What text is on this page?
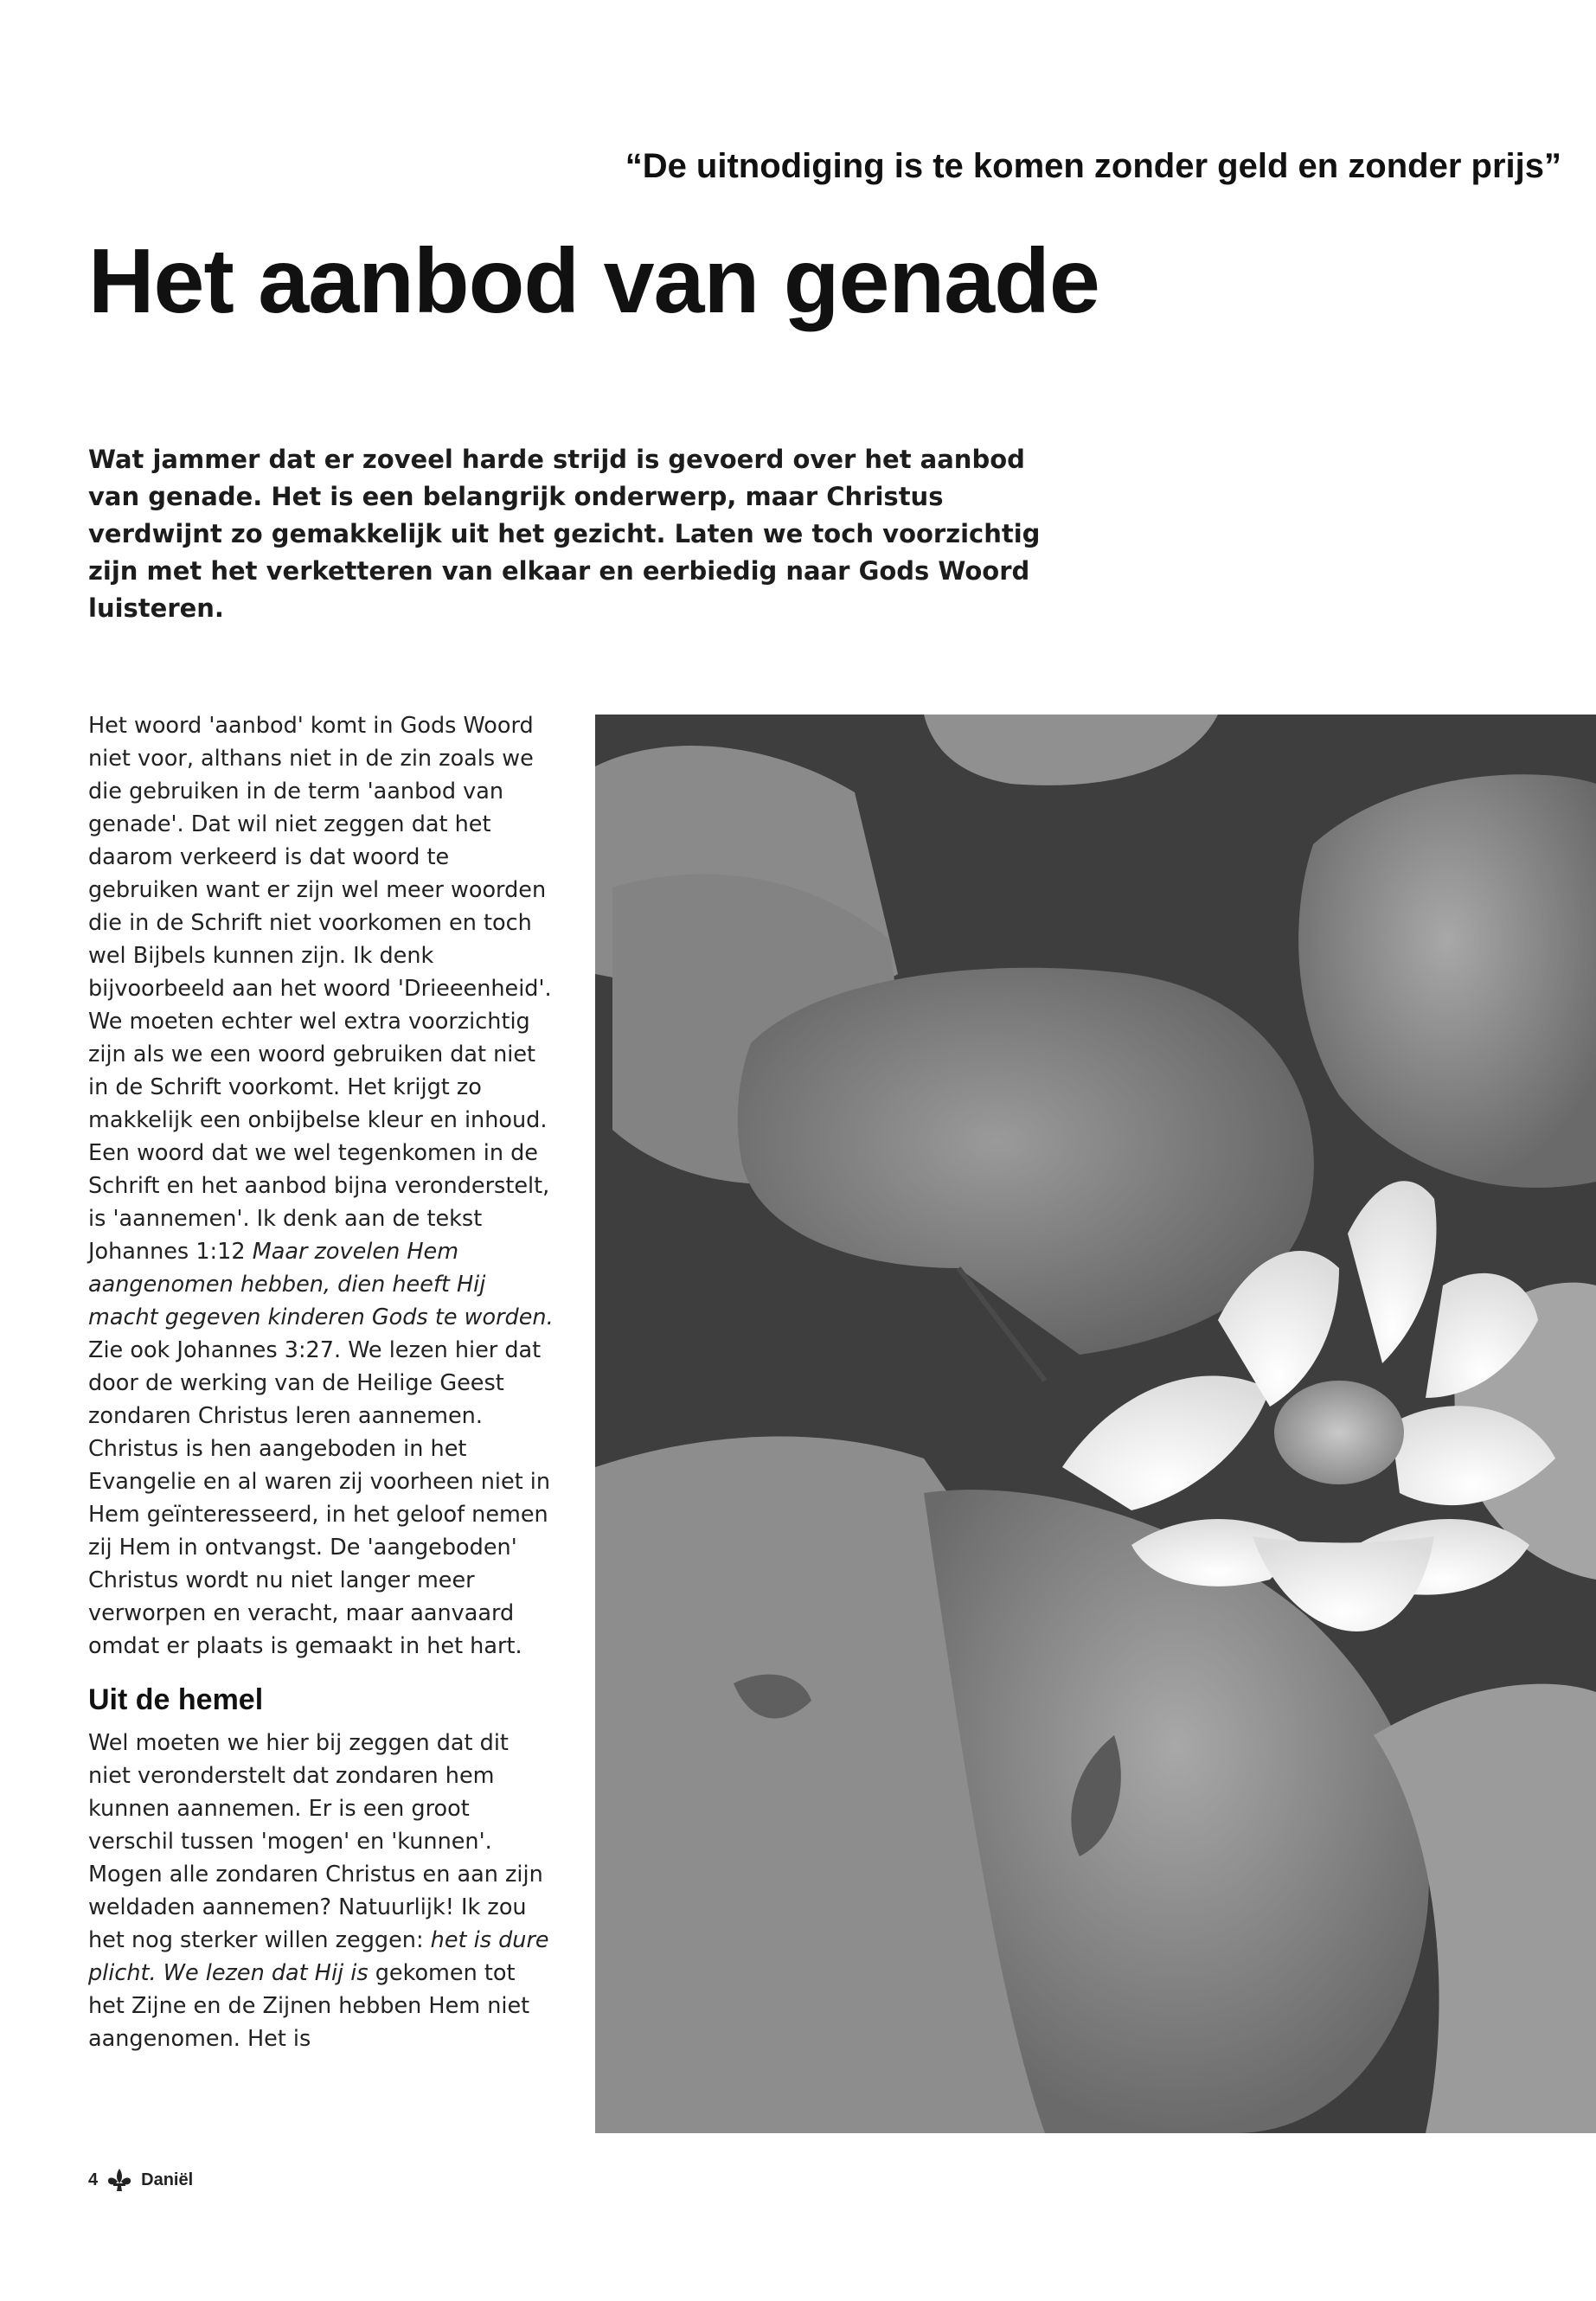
“De uitnodiging is te komen zonder geld en zonder prijs”
Het aanbod van genade
Wat jammer dat er zoveel harde strijd is gevoerd over het aanbod van genade. Het is een belangrijk onderwerp, maar Christus verdwijnt zo gemakkelijk uit het gezicht. Laten we toch voorzichtig zijn met het verketteren van elkaar en eerbiedig naar Gods Woord luisteren.

Het woord 'aanbod' komt in Gods Woord niet voor, althans niet in de zin zoals we die gebruiken in de term 'aanbod van genade'. Dat wil niet zeggen dat het daarom verkeerd is dat woord te gebruiken want er zijn wel meer woorden die in de Schrift niet voorkomen en toch wel Bijbels kunnen zijn. Ik denk bijvoorbeeld aan het woord 'Drieeenheid'. We moeten echter wel extra voorzichtig zijn als we een woord gebruiken dat niet in de Schrift voorkomt. Het krijgt zo makkelijk een onbijbelse kleur en inhoud.

Een woord dat we wel tegenkomen in de Schrift en het aanbod bijna veronderstelt, is 'aannemen'. Ik denk aan de tekst Johannes 1:12 Maar zovelen Hem aangenomen hebben, dien heeft Hij macht gegeven kinderen Gods te worden. Zie ook Johannes 3:27. We lezen hier dat door de werking van de Heilige Geest zondaren Christus leren aannemen. Christus is hen aangeboden in het Evangelie en al waren zij voorheen niet in Hem geïnteresseerd, in het geloof nemen zij Hem in ontvangst. De 'aangeboden' Christus wordt nu niet langer meer verworpen en veracht, maar aanvaard omdat er plaats is gemaakt in het hart.

Uit de hemel

Wel moeten we hier bij zeggen dat dit niet veronderstelt dat zondaren hem kunnen aannemen. Er is een groot verschil tussen 'mogen' en 'kunnen'. Mogen alle zondaren Christus en aan zijn weldaden aannemen? Natuurlijk! Ik zou het nog sterker willen zeggen: het is dure plicht. We lezen dat Hij is gekomen tot het Zijne en de Zijnen hebben Hem niet aangenomen. Het is

4	Daniël
